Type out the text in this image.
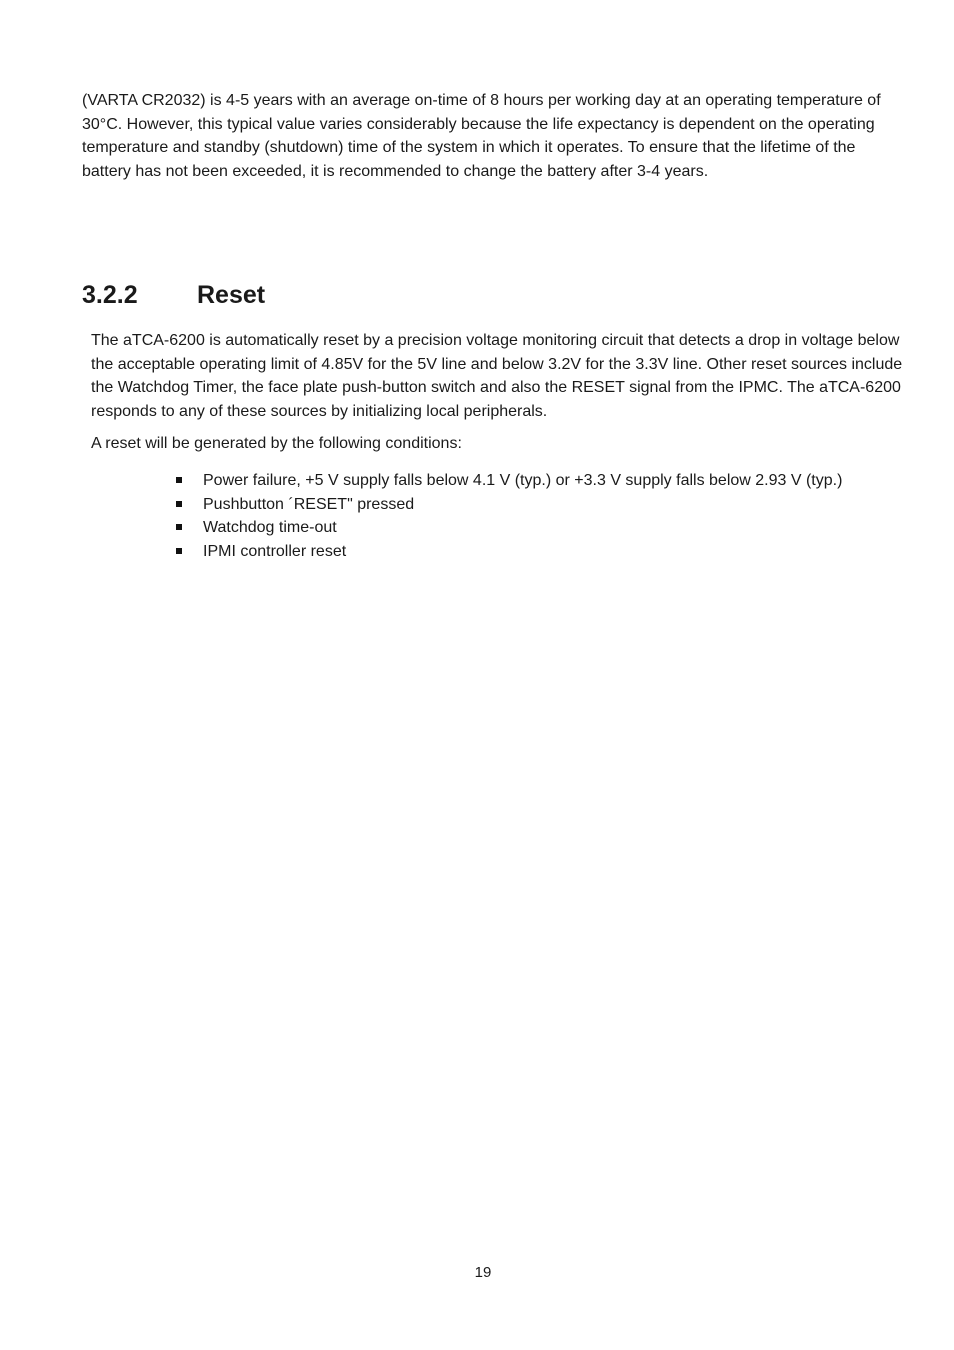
(VARTA CR2032) is 4-5 years with an average on-time of 8 hours per working day at an operating temperature of 30°C. However, this typical value varies considerably because the life expectancy is dependent on the operating temperature and standby (shutdown) time of the system in which it operates. To ensure that the lifetime of the battery has not been exceeded, it is recommended to change the battery after 3-4 years.

3.2.2 Reset

The aTCA-6200 is automatically reset by a precision voltage monitoring circuit that detects a drop in voltage below the acceptable operating limit of 4.85V for the 5V line and below 3.2V for the 3.3V line. Other reset sources include the Watchdog Timer, the face plate push-button switch and also the RESET signal from the IPMC. The aTCA-6200 responds to any of these sources by initializing local peripherals.

A reset will be generated by the following conditions:

Power failure, +5 V supply falls below 4.1 V (typ.) or +3.3 V supply falls below 2.93 V (typ.)
Pushbutton ´RESET" pressed
Watchdog time-out
IPMI controller reset
19
